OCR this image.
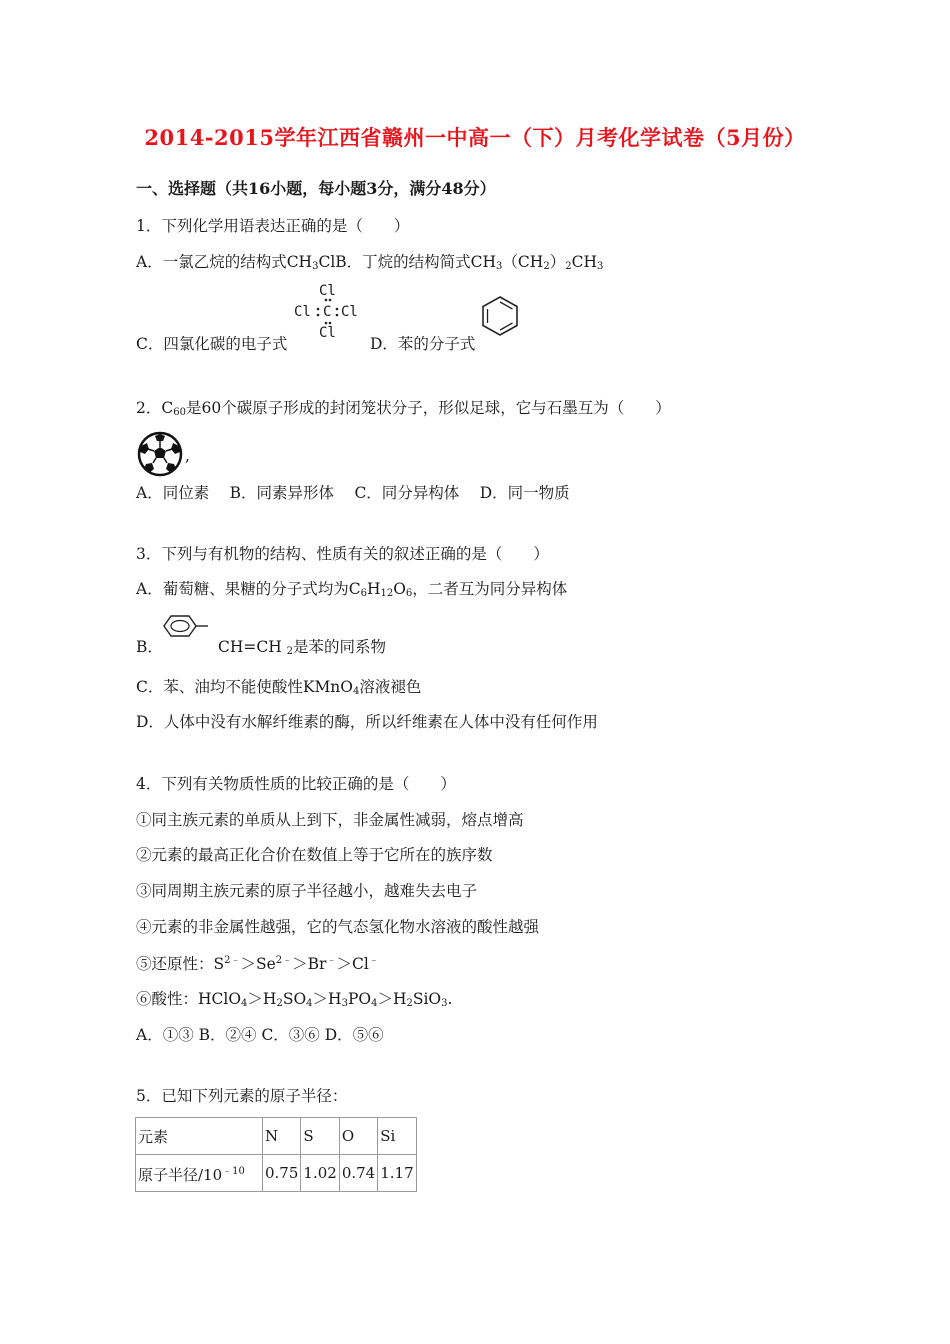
2014-2015学年江西省赣州一中高一（下）月考化学试卷（5月份）
一、选择题（共16小题，每小题3分，满分48分）
1．下列化学用语表达正确的是（　　）
A．一氯乙烷的结构式$CH_3ClB$．丁烷的结构简式$CH_3(CH_2)_2CH_3$
Cl
Cl C Cl
Cl
C．四氯化碳的电子式	D．苯的分子式
2．$C_{60}$是60个碳原子形成的封闭笼状分子，形似足球，它与石墨互为（　　）
,
A．同位素　 B．同素异形体　 C．同分异构体　 D．同一物质
3．下列与有机物的结构、性质有关的叙述正确的是（　　）
A．葡萄糖、果糖的分子式均为$C_6H_{12}O_6$，二者互为同分异构体
B．	CH=CH $_2$是苯的同系物
C．苯、油均不能使酸性KMnO$_4$溶液褪色
D．人体中没有水解纤维素的酶，所以纤维素在人体中没有任何作用
4．下列有关物质性质的比较正确的是（　　）
①同主族元素的单质从上到下，非金属性减弱，熔点增高
②元素的最高正化合价在数值上等于它所在的族序数
③同周期主族元素的原子半径越小，越难失去电子
④元素的非金属性越强，它的气态氢化物水溶液的酸性越强
⑤还原性：$S^{2﹣}>Se^{2﹣}>Br^﹣>Cl^﹣$
⑥酸性：$HClO_4>H_2SO_4>H_3PO_4>H_2SiO_3$.
A．①③ B．②④ C．③⑥ D．⑤⑥
5．已知下列元素的原子半径：
元素	N	S	O	Si
原子半径$/10^{﹣10}$	0.75	1.02	0.74	1.17
